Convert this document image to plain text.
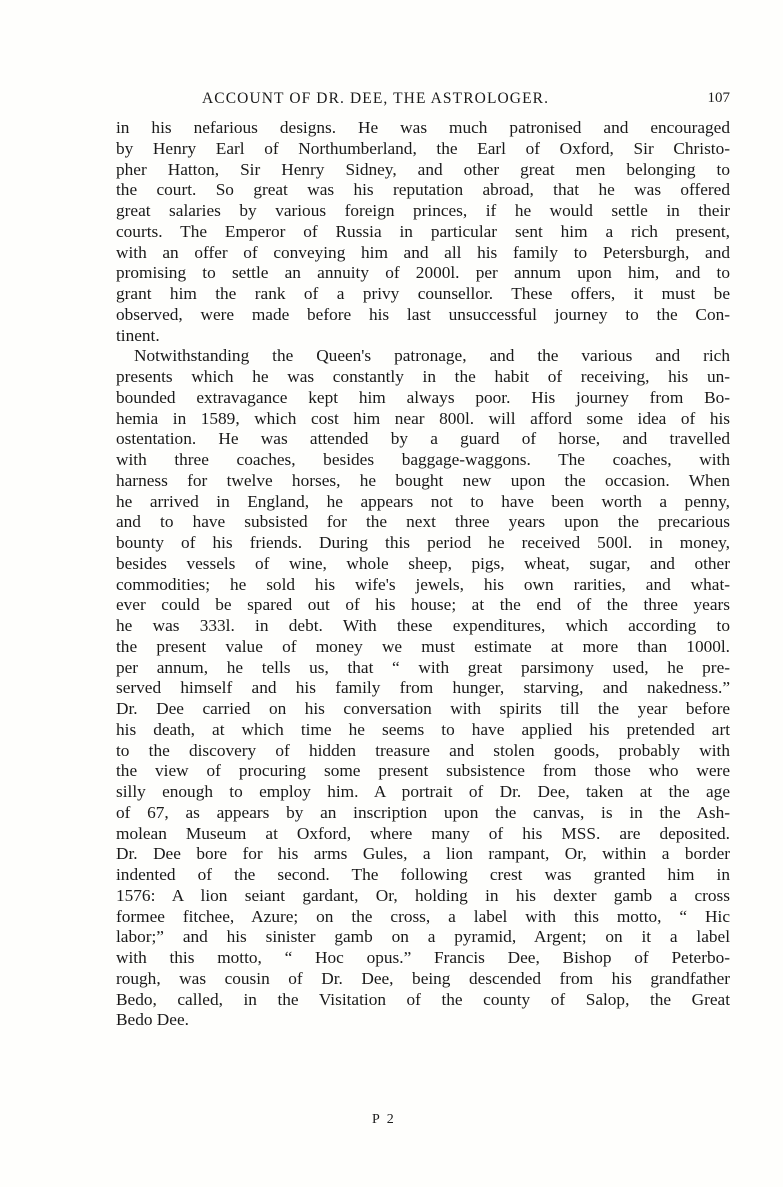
ACCOUNT OF DR. DEE, THE ASTROLOGER.	107
in his nefarious designs. He was much patronised and encouraged
by Henry Earl of Northumberland, the Earl of Oxford, Sir Christo-
pher Hatton, Sir Henry Sidney, and other great men belonging to
the court. So great was his reputation abroad, that he was offered
great salaries by various foreign princes, if he would settle in their
courts. The Emperor of Russia in particular sent him a rich present,
with an offer of conveying him and all his family to Petersburgh, and
promising to settle an annuity of 2000l. per annum upon him, and to
grant him the rank of a privy counsellor. These offers, it must be
observed, were made before his last unsuccessful journey to the Con-
tinent.
Notwithstanding the Queen's patronage, and the various and rich
presents which he was constantly in the habit of receiving, his un-
bounded extravagance kept him always poor. His journey from Bo-
hemia in 1589, which cost him near 800l. will afford some idea of his
ostentation. He was attended by a guard of horse, and travelled
with three coaches, besides baggage-waggons. The coaches, with
harness for twelve horses, he bought new upon the occasion. When
he arrived in England, he appears not to have been worth a penny,
and to have subsisted for the next three years upon the precarious
bounty of his friends. During this period he received 500l. in money,
besides vessels of wine, whole sheep, pigs, wheat, sugar, and other
commodities; he sold his wife's jewels, his own rarities, and what-
ever could be spared out of his house; at the end of the three years
he was 333l. in debt. With these expenditures, which according to
the present value of money we must estimate at more than 1000l.
per annum, he tells us, that “ with great parsimony used, he pre-
served himself and his family from hunger, starving, and nakedness.”
Dr. Dee carried on his conversation with spirits till the year before
his death, at which time he seems to have applied his pretended art
to the discovery of hidden treasure and stolen goods, probably with
the view of procuring some present subsistence from those who were
silly enough to employ him. A portrait of Dr. Dee, taken at the age
of 67, as appears by an inscription upon the canvas, is in the Ash-
molean Museum at Oxford, where many of his MSS. are deposited.
Dr. Dee bore for his arms Gules, a lion rampant, Or, within a border
indented of the second. The following crest was granted him in
1576: A lion seiant gardant, Or, holding in his dexter gamb a cross
formee fitchee, Azure; on the cross, a label with this motto, “ Hic
labor;” and his sinister gamb on a pyramid, Argent; on it a label
with this motto, “ Hoc opus.” Francis Dee, Bishop of Peterbo-
rough, was cousin of Dr. Dee, being descended from his grandfather
Bedo, called, in the Visitation of the county of Salop, the Great
Bedo Dee.
P 2
